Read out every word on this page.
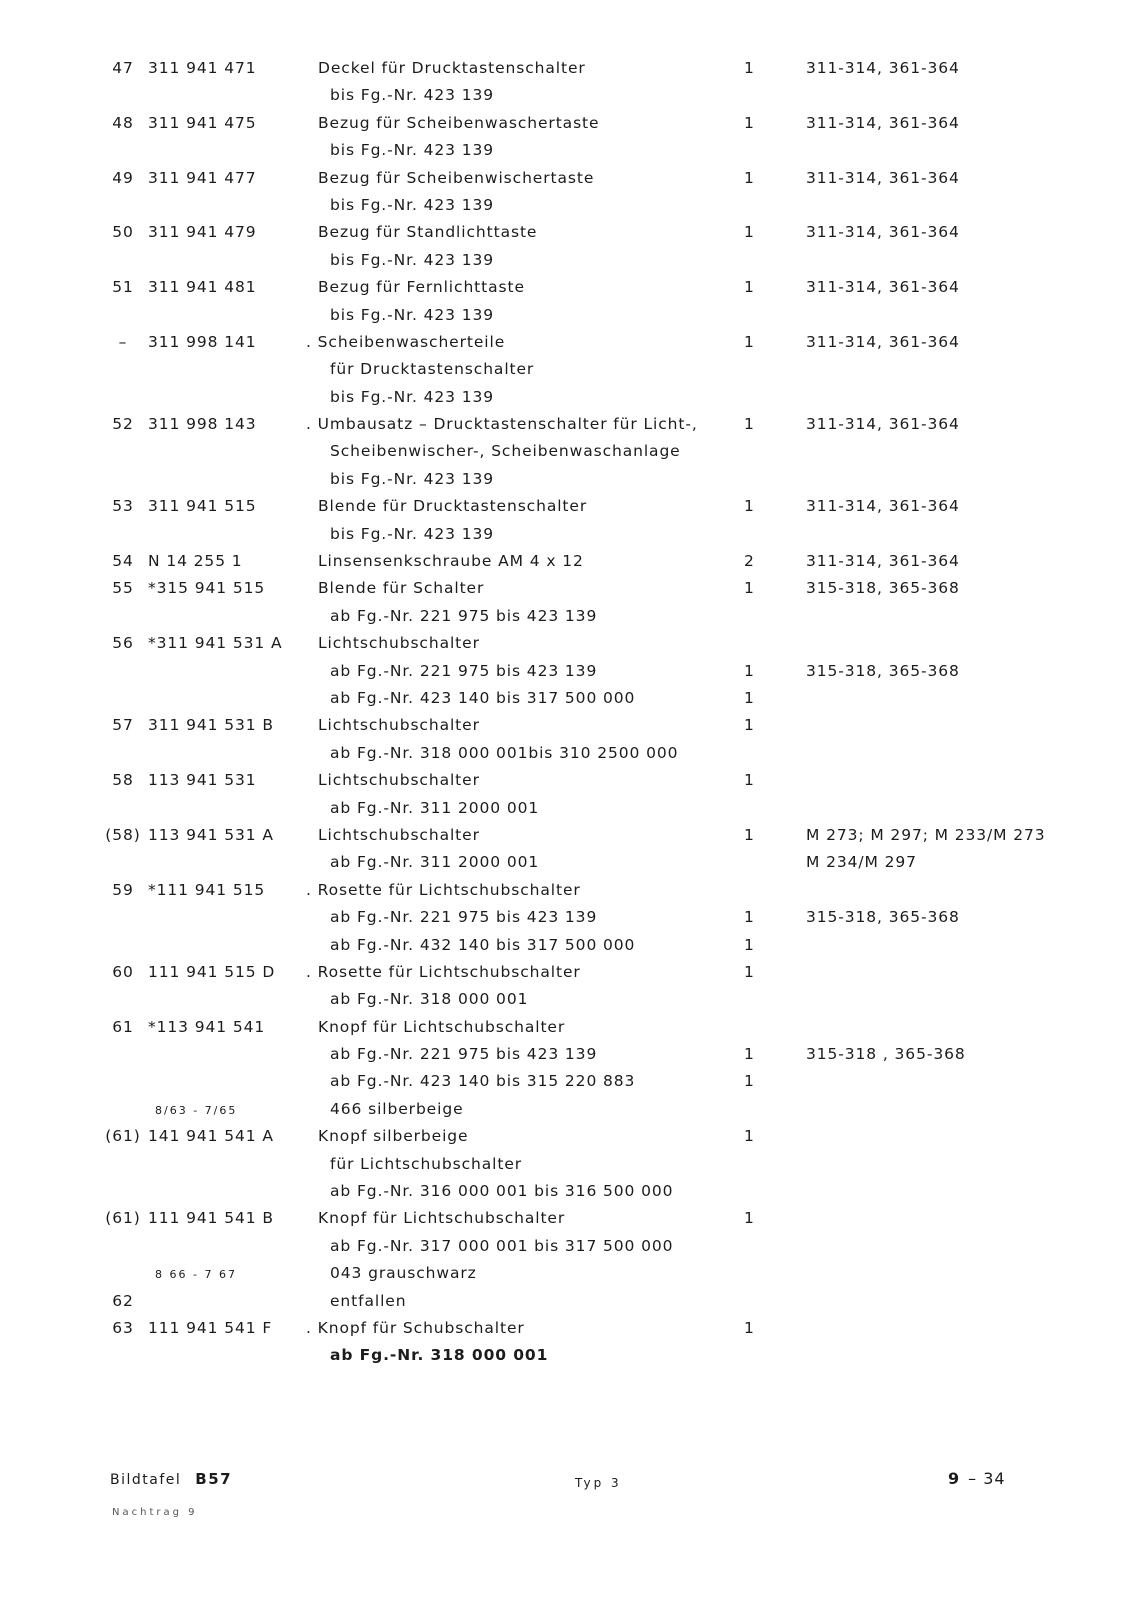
47 311 941 471	Deckel für Drucktastenschalter	1	311-314, 361-364
bis Fg.-Nr. 423 139
48 311 941 475	Bezug für Scheibenwaschertaste	1	311-314, 361-364
bis Fg.-Nr. 423 139
49 311 941 477	Bezug für Scheibenwischertaste	1	311-314, 361-364
bis Fg.-Nr. 423 139
50 311 941 479	Bezug für Standlichttaste	1	311-314, 361-364
bis Fg.-Nr. 423 139
51 311 941 481	Bezug für Fernlichttaste	1	311-314, 361-364
bis Fg.-Nr. 423 139
–	311 998 141	. Scheibenwascherteile	1	311-314, 361-364
für Drucktastenschalter
bis Fg.-Nr. 423 139
52 311 998 143	. Umbausatz – Drucktastenschalter für Licht-,	1	311-314, 361-364
Scheibenwischer-, Scheibenwaschanlage
bis Fg.-Nr. 423 139
53 311 941 515	Blende für Drucktastenschalter	1	311-314, 361-364
bis Fg.-Nr. 423 139
54 N 14 255 1	Linsensenkschraube AM 4 x 12	2	311-314, 361-364
55 *315 941 515	Blende für Schalter	1	315-318, 365-368
ab Fg.-Nr. 221 975 bis 423 139
56 *311 941 531 A Lichtschubschalter
ab Fg.-Nr. 221 975 bis 423 139	1	315-318, 365-368
ab Fg.-Nr. 423 140 bis 317 500 000	1
57 311 941 531 B	Lichtschubschalter	1
ab Fg.-Nr. 318 000 001bis 310 2500 000
58 113 941 531	Lichtschubschalter	1
ab Fg.-Nr. 311 2000 001
(58) 113 941 531 A	Lichtschubschalter	1	M 273; M 297; M 233/M 273
ab Fg.-Nr. 311 2000 001	M 234/M 297
59 *111 941 515	. Rosette für Lichtschubschalter
ab Fg.-Nr. 221 975 bis 423 139	1	315-318, 365-368
ab Fg.-Nr. 432 140 bis 317 500 000	1
60 111 941 515 D . Rosette für Lichtschubschalter	1
ab Fg.-Nr. 318 000 001
61 *113 941 541	Knopf für Lichtschubschalter
ab Fg.-Nr. 221 975 bis 423 139	1	315-318 , 365-368
ab Fg.-Nr. 423 140 bis 315 220 883	1
8/63 - 7/65	466 silberbeige
(61) 141 941 541 A	Knopf silberbeige	1
für Lichtschubschalter
ab Fg.-Nr. 316 000 001 bis 316 500 000
(61) 111 941 541 B	Knopf für Lichtschubschalter	1
ab Fg.-Nr. 317 000 001 bis 317 500 000
8 66 - 7 67	043 grauschwarz
62	entfallen
63 111 941 541 F . Knopf für Schubschalter	1
ab Fg.-Nr. 318 000 001
Bildtafel B57
Nachtrag 9
Typ 3	9 – 34
